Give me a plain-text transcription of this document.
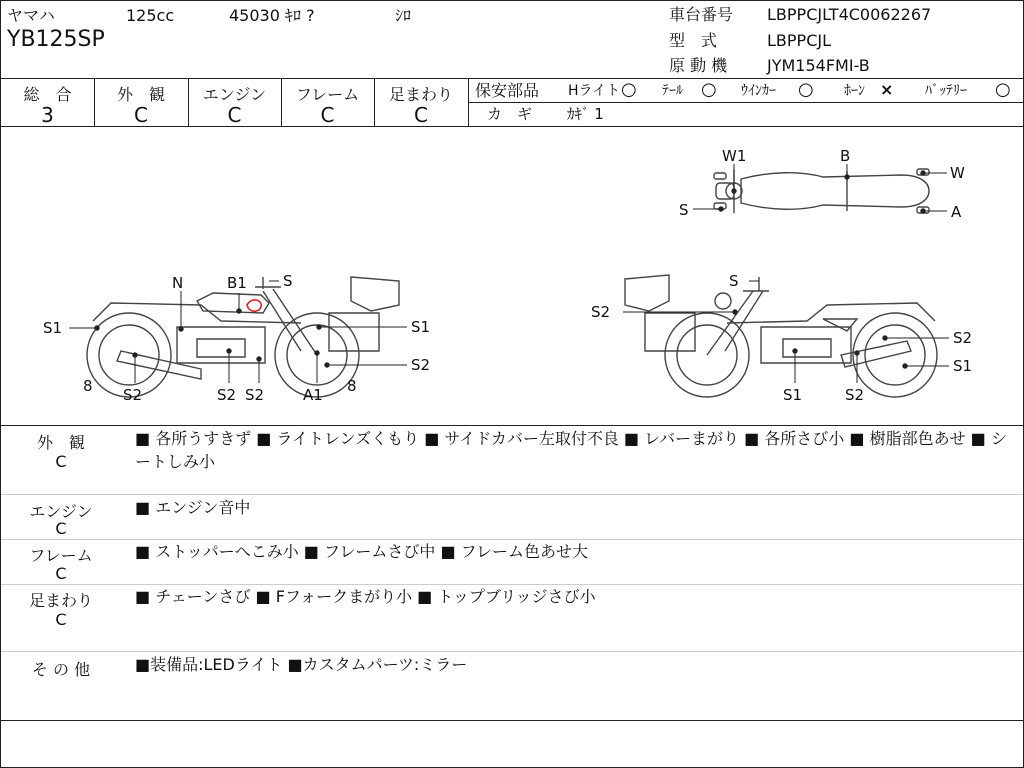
ヤマハ	125cc	45030 ｷﾛ ?	ｼﾛ
YB125SP
車台番号 LBPPCJLT4C0062267
型　式	LBPPCJL
原 動 機 JYM154FMI-B
総　合
3
外　観
C
エンジン
C
フレーム
C
足まわり
C
保安部品 Hライト ○ ﾃｰﾙ ○ ｳｲﾝｶｰ ○ ﾎｰﾝ × ﾊﾞｯﾃﾘｰ ○
カ　ギ ｶｷﾞ 1
W1	B
W
S	A
N	B1 S
S1	S1
S2
8 S2	S2 S2	A1 8
S
S2
S2
S1
S1	S2
外　観
C
■ 各所うすきず ■ ライトレンズくもり ■ サイドカバー左取付不良 ■ レバーまがり ■ 各所さび小 ■ 樹脂部色あせ ■ シートしみ小
エンジン
C
■ エンジン音中
フレーム
C
■ ストッパーへこみ小 ■ フレームさび中 ■ フレーム色あせ大
足まわり
C
■ チェーンさび ■ Fフォークまがり小 ■ トップブリッジさび小
そ の 他	■装備品:LEDライト ■カスタムパーツ:ミラー
